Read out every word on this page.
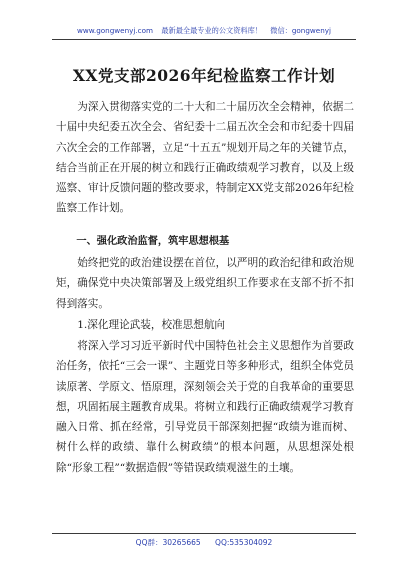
www.gongwenyj.com 最新最全最专业的公文资料库！ 微信：gongwenyj
XX党支部2026年纪检监察工作计划

为深入贯彻落实党的二十大和二十届历次全会精神，依据二十届中央纪委五次全会、省纪委十二届五次全会和市纪委十四届六次全会的工作部署，立足“十五五”规划开局之年的关键节点，结合当前正在开展的树立和践行正确政绩观学习教育，以及上级巡察、审计反馈问题的整改要求，特制定XX党支部2026年纪检监察工作计划。

一、强化政治监督，筑牢思想根基

始终把党的政治建设摆在首位，以严明的政治纪律和政治规矩，确保党中央决策部署及上级党组织工作要求在支部不折不扣得到落实。

1.深化理论武装，校准思想航向

将深入学习习近平新时代中国特色社会主义思想作为首要政治任务，依托“三会一课”、主题党日等多种形式，组织全体党员读原著、学原文、悟原理，深刻领会关于党的自我革命的重要思想，巩固拓展主题教育成果。将树立和践行正确政绩观学习教育融入日常、抓在经常，引导党员干部深刻把握“政绩为谁而树、树什么样的政绩、靠什么树政绩”的根本问题，从思想深处根除“形象工程”“数据造假”等错误政绩观滋生的土壤。

QQ群：30265665 QQ:535304092
